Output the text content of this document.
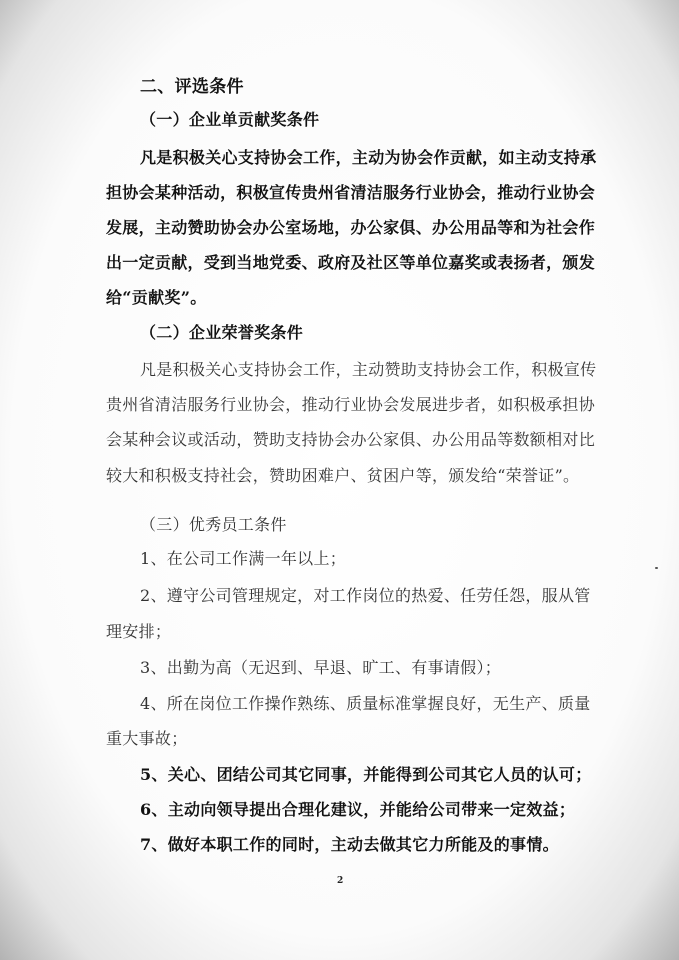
二、评选条件
（一）企业单贡献奖条件
凡是积极关心支持协会工作，主动为协会作贡献，如主动支持承
担协会某种活动，积极宣传贵州省清洁服务行业协会，推动行业协会
发展，主动赞助协会办公室场地，办公家俱、办公用品等和为社会作
出一定贡献，受到当地党委、政府及社区等单位嘉奖或表扬者，颁发
给“贡献奖”。
（二）企业荣誉奖条件
凡是积极关心支持协会工作，主动赞助支持协会工作，积极宣传
贵州省清洁服务行业协会，推动行业协会发展进步者，如积极承担协
会某种会议或活动，赞助支持协会办公家俱、办公用品等数额相对比
较大和积极支持社会，赞助困难户、贫困户等，颁发给“荣誉证”。
（三）优秀员工条件
1、在公司工作满一年以上；
2、遵守公司管理规定，对工作岗位的热爱、任劳任怨，服从管
理安排；
3、出勤为高（无迟到、早退、旷工、有事请假）；
4、所在岗位工作操作熟练、质量标准掌握良好，无生产、质量
重大事故；
5、关心、团结公司其它同事，并能得到公司其它人员的认可；
6、主动向领导提出合理化建议，并能给公司带来一定效益；
7、做好本职工作的同时，主动去做其它力所能及的事情。
2
